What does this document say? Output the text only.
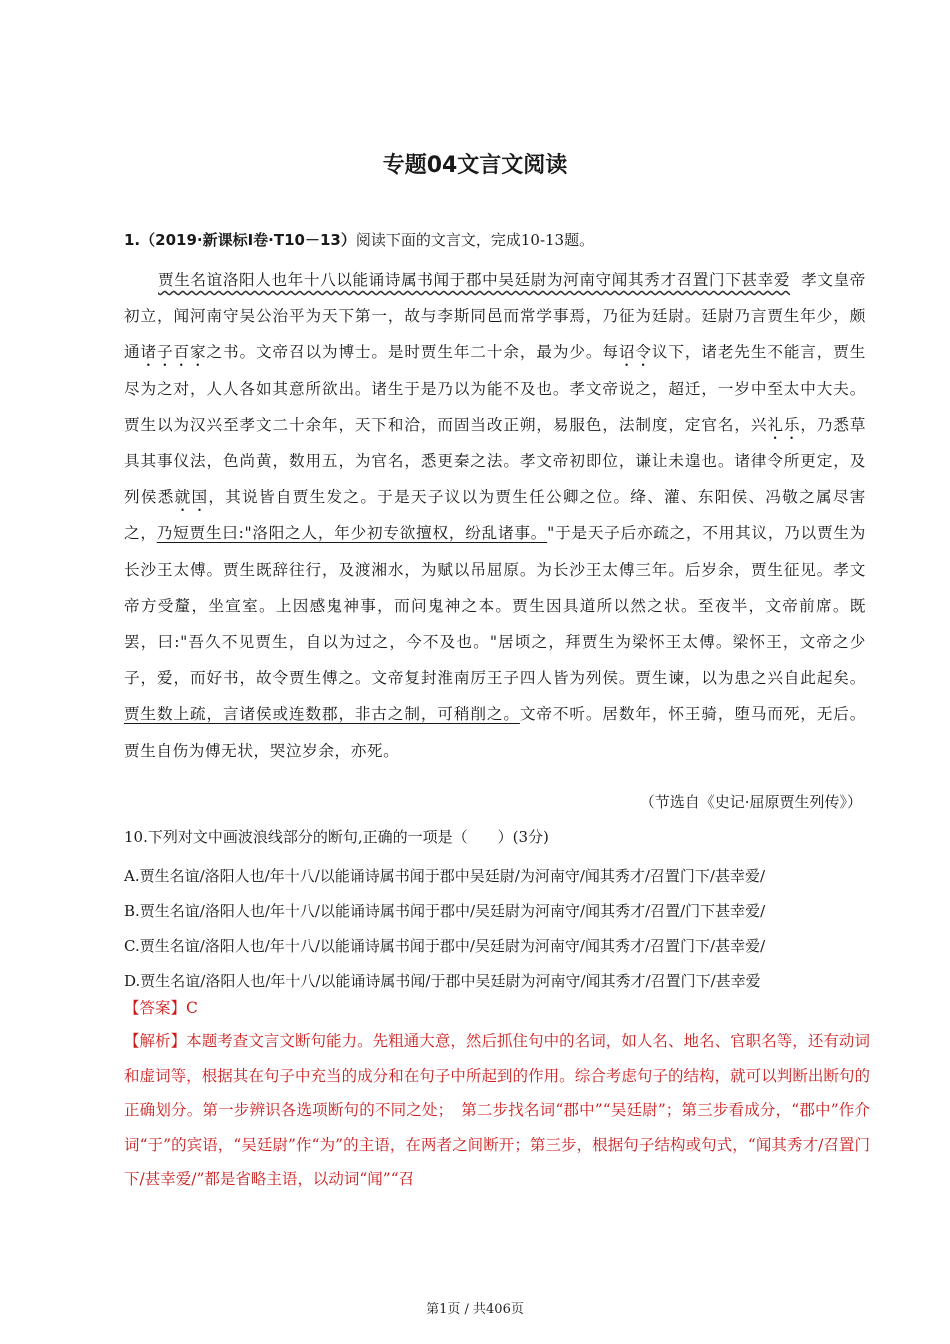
专题04文言文阅读
1.（2019·新课标Ⅰ卷·T10－13）阅读下面的文言文，完成10-13题。

贾生名谊洛阳人也年十八以能诵诗属书闻于郡中吴廷尉为河南守闻其秀才召置门下甚幸爱 孝文皇帝初立，闻河南守吴公治平为天下第一，故与李斯同邑而常学事焉，乃征为廷尉。廷尉乃言贾生年少，颇通诸子百家之书。文帝召以为博士。是时贾生年二十余，最为少。每诏令议下，诸老先生不能言，贾生尽为之对，人人各如其意所欲出。诸生于是乃以为能不及也。孝文帝说之，超迁，一岁中至太中大夫。贾生以为汉兴至孝文二十余年，天下和洽，而固当改正朔，易服色，法制度，定官名，兴礼乐，乃悉草具其事仪法，色尚黄，数用五，为官名，悉更秦之法。孝文帝初即位，谦让未遑也。诸律令所更定，及列侯悉就国，其说皆自贾生发之。于是天子议以为贾生任公卿之位。绛、灌、东阳侯、冯敬之属尽害之，乃短贾生曰:"洛阳之人，年少初专欲擅权，纷乱诸事。"于是天子后亦疏之，不用其议，乃以贾生为长沙王太傅。贾生既辞往行，及渡湘水，为赋以吊屈原。为长沙王太傅三年。后岁余，贾生征见。孝文帝方受釐，坐宣室。上因感鬼神事，而问鬼神之本。贾生因具道所以然之状。至夜半，文帝前席。既罢，曰:"吾久不见贾生，自以为过之，今不及也。"居顷之，拜贾生为梁怀王太傅。梁怀王，文帝之少子，爱，而好书，故令贾生傅之。文帝复封淮南厉王子四人皆为列侯。贾生谏，以为患之兴自此起矣。贾生数上疏，言诸侯或连数郡，非古之制，可稍削之。文帝不听。居数年，怀王骑，堕马而死，无后。贾生自伤为傅无状，哭泣岁余，亦死。

（节选自《史记·屈原贾生列传》）
10.下列对文中画波浪线部分的断句,正确的一项是（　　）(3分)
A.贾生名谊/洛阳人也/年十八/以能诵诗属书闻于郡中吴廷尉/为河南守/闻其秀才/召置门下/甚幸爱/
B.贾生名谊/洛阳人也/年十八/以能诵诗属书闻于郡中/吴廷尉为河南守/闻其秀才/召置/门下甚幸爱/
C.贾生名谊/洛阳人也/年十八/以能诵诗属书闻于郡中/吴廷尉为河南守/闻其秀才/召置门下/甚幸爱/
D.贾生名谊/洛阳人也/年十八/以能诵诗属书闻/于郡中吴廷尉为河南守/闻其秀才/召置门下/甚幸爱
【答案】C
【解析】本题考查文言文断句能力。先粗通大意，然后抓住句中的名词，如人名、地名、官职名等，还有动词和虚词等，根据其在句子中充当的成分和在句子中所起到的作用。综合考虑句子的结构，就可以判断出断句的正确划分。第一步辨识各选项断句的不同之处；　第二步找名词“郡中”“吴廷尉”；第三步看成分，“郡中”作介词“于”的宾语，“吴廷尉”作“为”的主语，在两者之间断开；第三步，根据句子结构或句式，“闻其秀才/召置门下/甚幸爱/”都是省略主语，以动词“闻”“召
第1页 / 共406页
